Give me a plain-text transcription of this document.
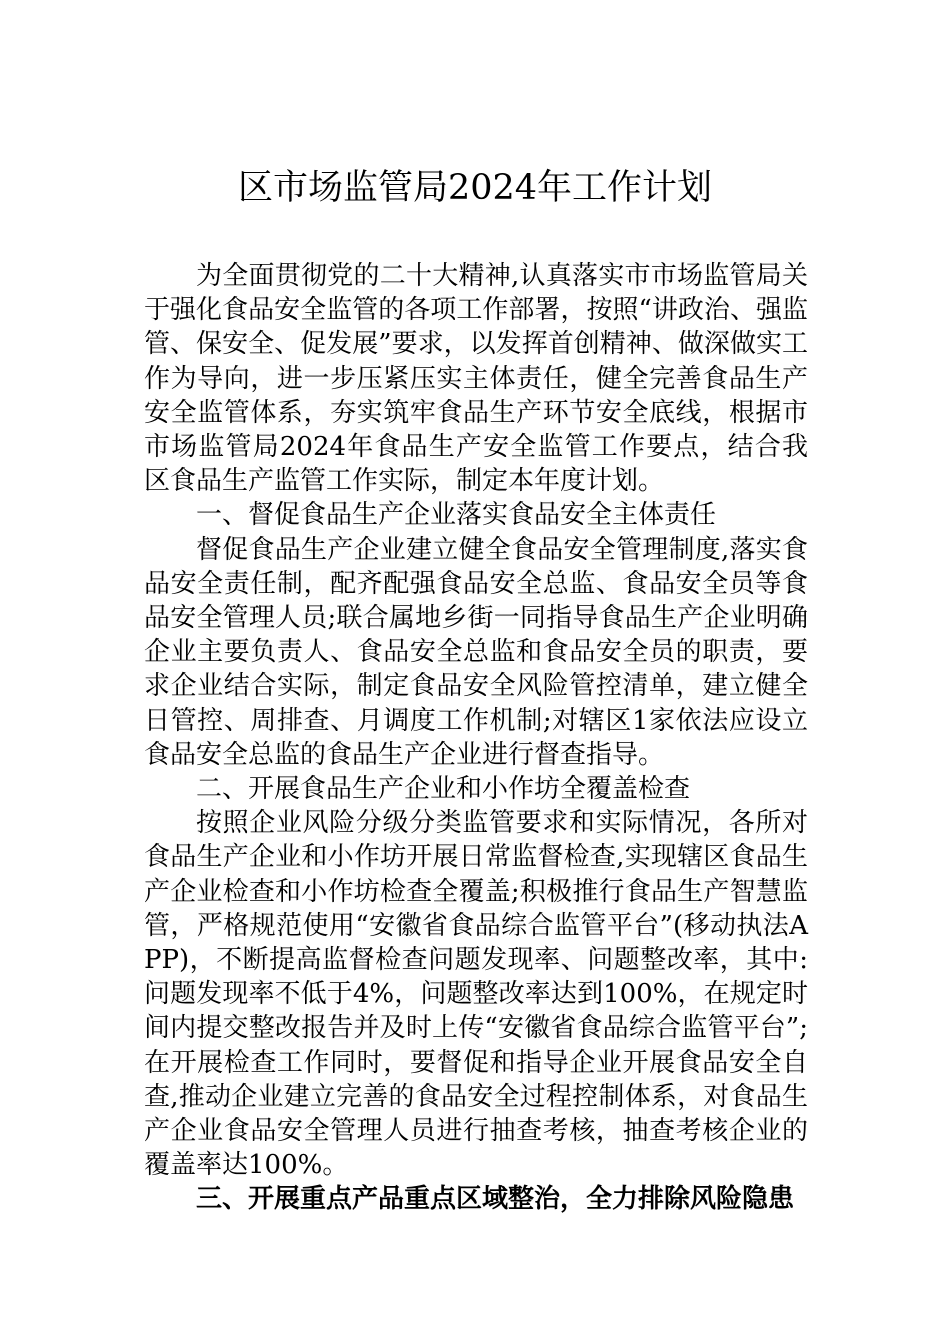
区市场监管局2024年工作计划

为全面贯彻党的二十大精神,认真落实市市场监管局关于强化食品安全监管的各项工作部署，按照“讲政治、强监管、保安全、促发展”要求，以发挥首创精神、做深做实工作为导向，进一步压紧压实主体责任，健全完善食品生产安全监管体系，夯实筑牢食品生产环节安全底线，根据市市场监管局2024年食品生产安全监管工作要点，结合我区食品生产监管工作实际，制定本年度计划。

一、督促食品生产企业落实食品安全主体责任

督促食品生产企业建立健全食品安全管理制度,落实食品安全责任制，配齐配强食品安全总监、食品安全员等食品安全管理人员;联合属地乡街一同指导食品生产企业明确企业主要负责人、食品安全总监和食品安全员的职责，要求企业结合实际，制定食品安全风险管控清单，建立健全日管控、周排查、月调度工作机制;对辖区1家依法应设立食品安全总监的食品生产企业进行督查指导。

二、开展食品生产企业和小作坊全覆盖检查

按照企业风险分级分类监管要求和实际情况，各所对食品生产企业和小作坊开展日常监督检查,实现辖区食品生产企业检查和小作坊检查全覆盖;积极推行食品生产智慧监管，严格规范使用“安徽省食品综合监管平台”(移动执法APP)，不断提高监督检查问题发现率、问题整改率，其中:问题发现率不低于4%，问题整改率达到100%，在规定时间内提交整改报告并及时上传“安徽省食品综合监管平台”;在开展检查工作同时，要督促和指导企业开展食品安全自查,推动企业建立完善的食品安全过程控制体系，对食品生产企业食品安全管理人员进行抽查考核，抽查考核企业的覆盖率达100%。

三、开展重点产品重点区域整治，全力排除风险隐患
